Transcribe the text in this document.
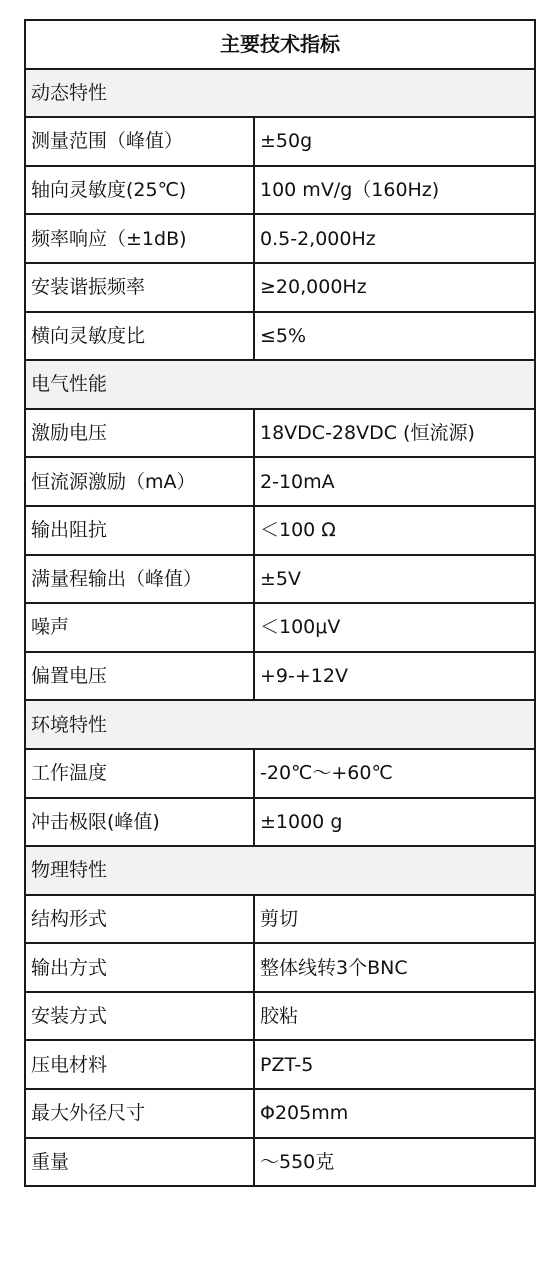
主要技术指标	
动态特性	
测量范围（峰值）	±50g
轴向灵敏度(25℃)	100 mV/g（160Hz)
频率响应（±1dB)	0.5-2,000Hz
安装谐振频率	≥20,000Hz
横向灵敏度比	≤5%
电气性能	
激励电压	18VDC-28VDC (恒流源)
恒流源激励（mA）	2-10mA
输出阻抗	＜100 Ω
满量程输出（峰值）	±5V
噪声	＜100μV
偏置电压	+9-+12V
环境特性	
工作温度	-20℃～+60℃
冲击极限(峰值)	±1000 g
物理特性	
结构形式	剪切
输出方式	整体线转3个BNC
安装方式	胶粘
压电材料	PZT-5
最大外径尺寸	Φ205mm
重量	～550克
